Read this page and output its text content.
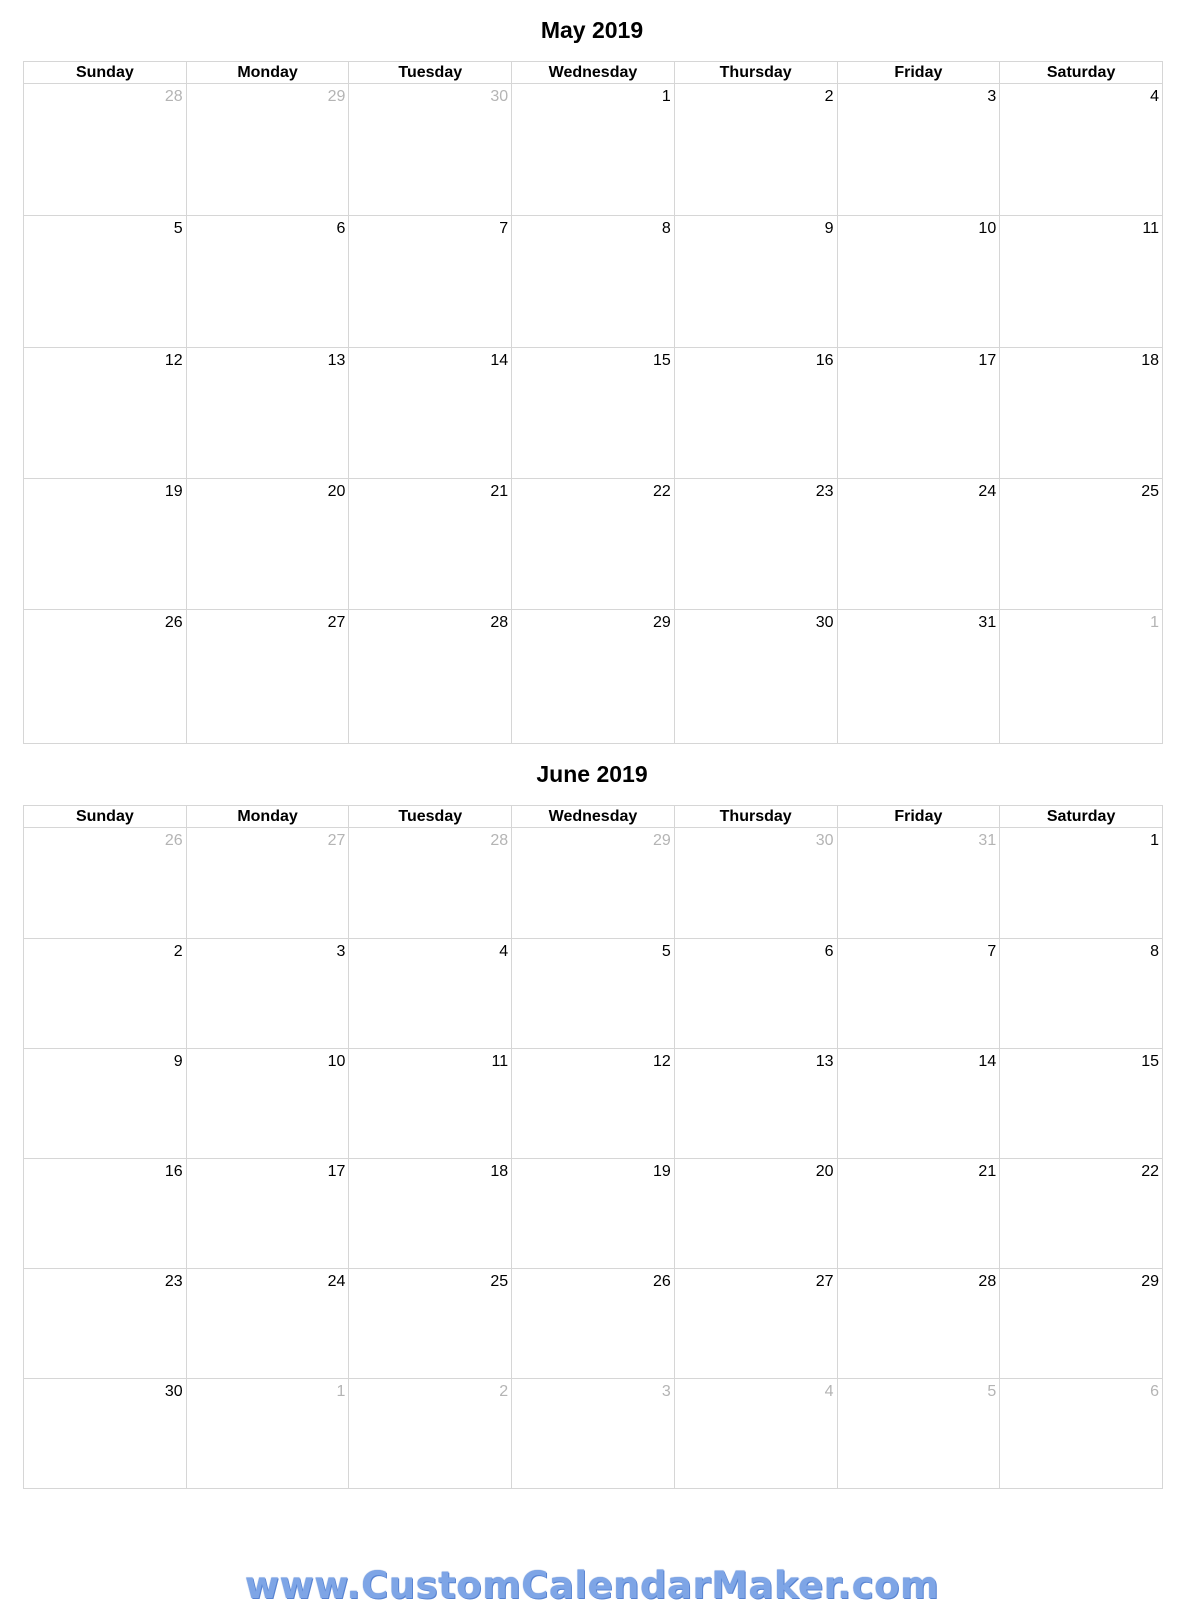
May 2019
Sunday	Monday	Tuesday	Wednesday	Thursday	Friday	Saturday

28	29	30	1	2	3	4

5	6	7	8	9	10	11

12	13	14	15	16	17	18

19	20	21	22	23	24	25

26	27	28	29	30	31	1
June 2019
Sunday	Monday	Tuesday	Wednesday	Thursday	Friday	Saturday

26	27	28	29	30	31	1

2	3	4	5	6	7	8

9	10	11	12	13	14	15

16	17	18	19	20	21	22

23	24	25	26	27	28	29

30	1	2	3	4	5	6
www.CustomCalendarMaker.com
